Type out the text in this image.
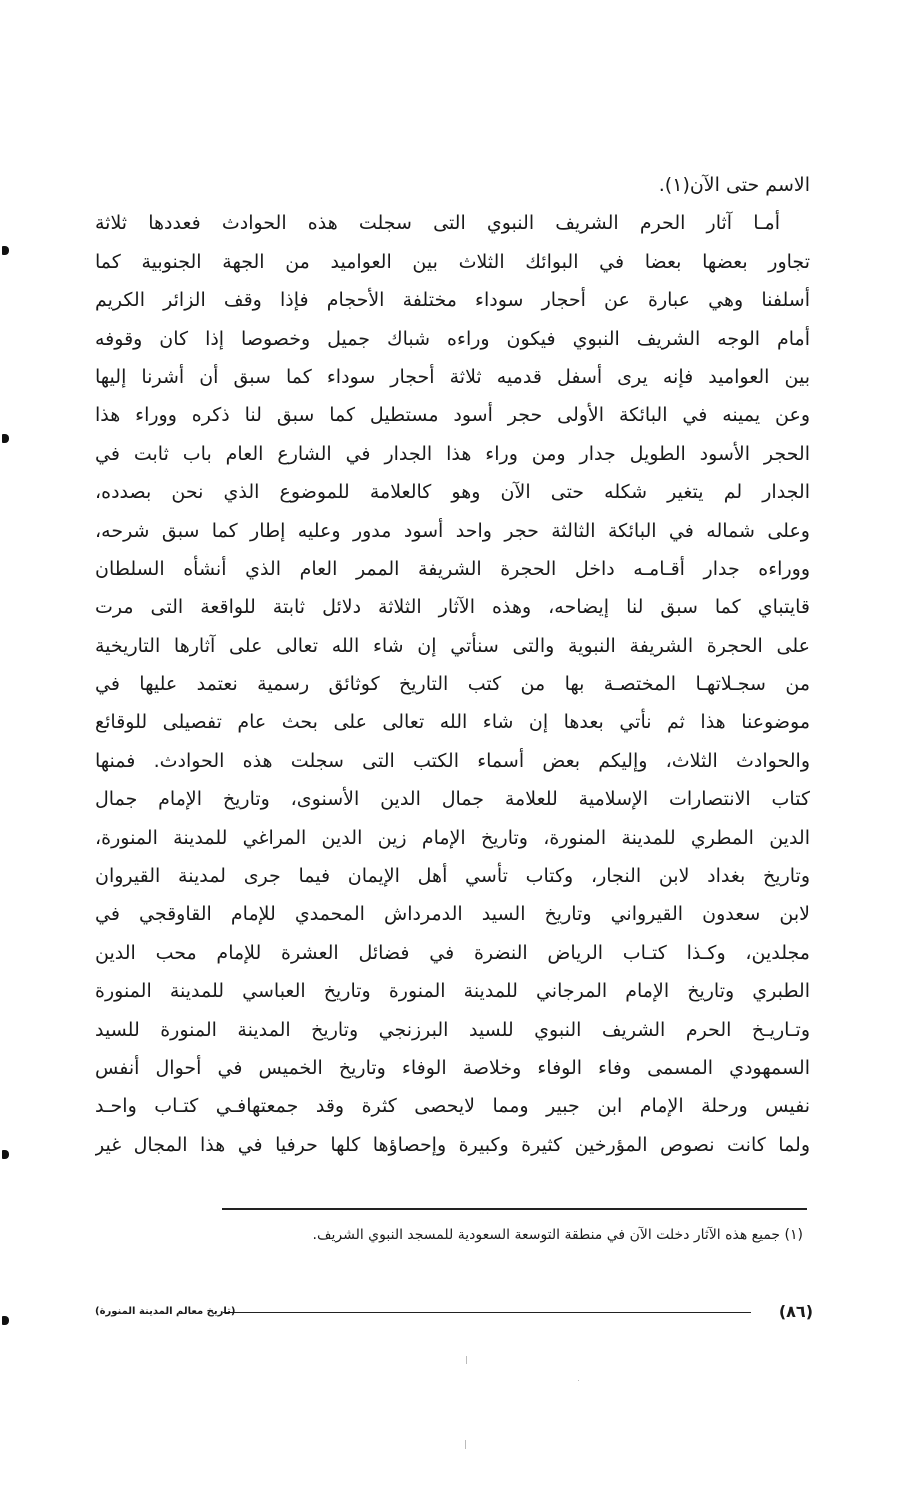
الاسم حتى الآن(١).
أمـا آثار الحرم الشريف النبوي التى سجلت هذه الحوادث فعددها ثلاثة
تجاور بعضها بعضا في البوائك الثلاث بين العواميد من الجهة الجنوبية كما
أسلفنا وهي عبارة عن أحجار سوداء مختلفة الأحجام فإذا وقف الزائر الكريم
أمام الوجه الشريف النبوي فيكون وراءه شباك جميل وخصوصا إذا كان وقوفه
بين العواميد فإنه يرى أسفل قدميه ثلاثة أحجار سوداء كما سبق أن أشرنا إليها
وعن يمينه في البائكة الأولى حجر أسود مستطيل كما سبق لنا ذكره ووراء هذا
الحجر الأسود الطويل جدار ومن وراء هذا الجدار في الشارع العام باب ثابت في
الجدار لم يتغير شكله حتى الآن وهو كالعلامة للموضوع الذي نحن بصدده،
وعلى شماله في البائكة الثالثة حجر واحد أسود مدور وعليه إطار كما سبق شرحه،
ووراءه جدار أقـامـه داخل الحجرة الشريفة الممر العام الذي أنشأه السلطان
قايتباي كما سبق لنا إيضاحه، وهذه الآثار الثلاثة دلائل ثابتة للواقعة التى مرت
على الحجرة الشريفة النبوية والتى سنأتي إن شاء الله تعالى على آثارها التاريخية
من سجـلاتهـا المختصـة بها من كتب التاريخ كوثائق رسمية نعتمد عليها في
موضوعنا هذا ثم نأتي بعدها إن شاء الله تعالى على بحث عام تفصيلى للوقائع
والحوادث الثلاث، وإليكم بعض أسماء الكتب التى سجلت هذه الحوادث. فمنها
كتاب الانتصارات الإسلامية للعلامة جمال الدين الأسنوى، وتاريخ الإمام جمال
الدين المطري للمدينة المنورة، وتاريخ الإمام زين الدين المراغي للمدينة المنورة،
وتاريخ بغداد لابن النجار، وكتاب تأسي أهل الإيمان فيما جرى لمدينة القيروان
لابن سعدون القيرواني وتاريخ السيد الدمرداش المحمدي للإمام القاوقجي في
مجلدين، وكـذا كتـاب الرياض النضرة في فضائل العشرة للإمام محب الدين
الطبري وتاريخ الإمام المرجاني للمدينة المنورة وتاريخ العباسي للمدينة المنورة
وتـاريـخ الحرم الشريف النبوي للسيد البرزنجي وتاريخ المدينة المنورة للسيد
السمهودي المسمى وفاء الوفاء وخلاصة الوفاء وتاريخ الخميس في أحوال أنفس
نفيس ورحلة الإمام ابن جبير ومما لايحصى كثرة وقد جمعتهافـي كتـاب واحـد
ولما كانت نصوص المؤرخين كثيرة وكبيرة وإحصاؤها كلها حرفيا في هذا المجال غير
(١) جميع هذه الآثار دخلت الآن في منطقة التوسعة السعودية للمسجد النبوي الشريف.
(٨٦)
(تاريخ معالم المدينة المنورة)
